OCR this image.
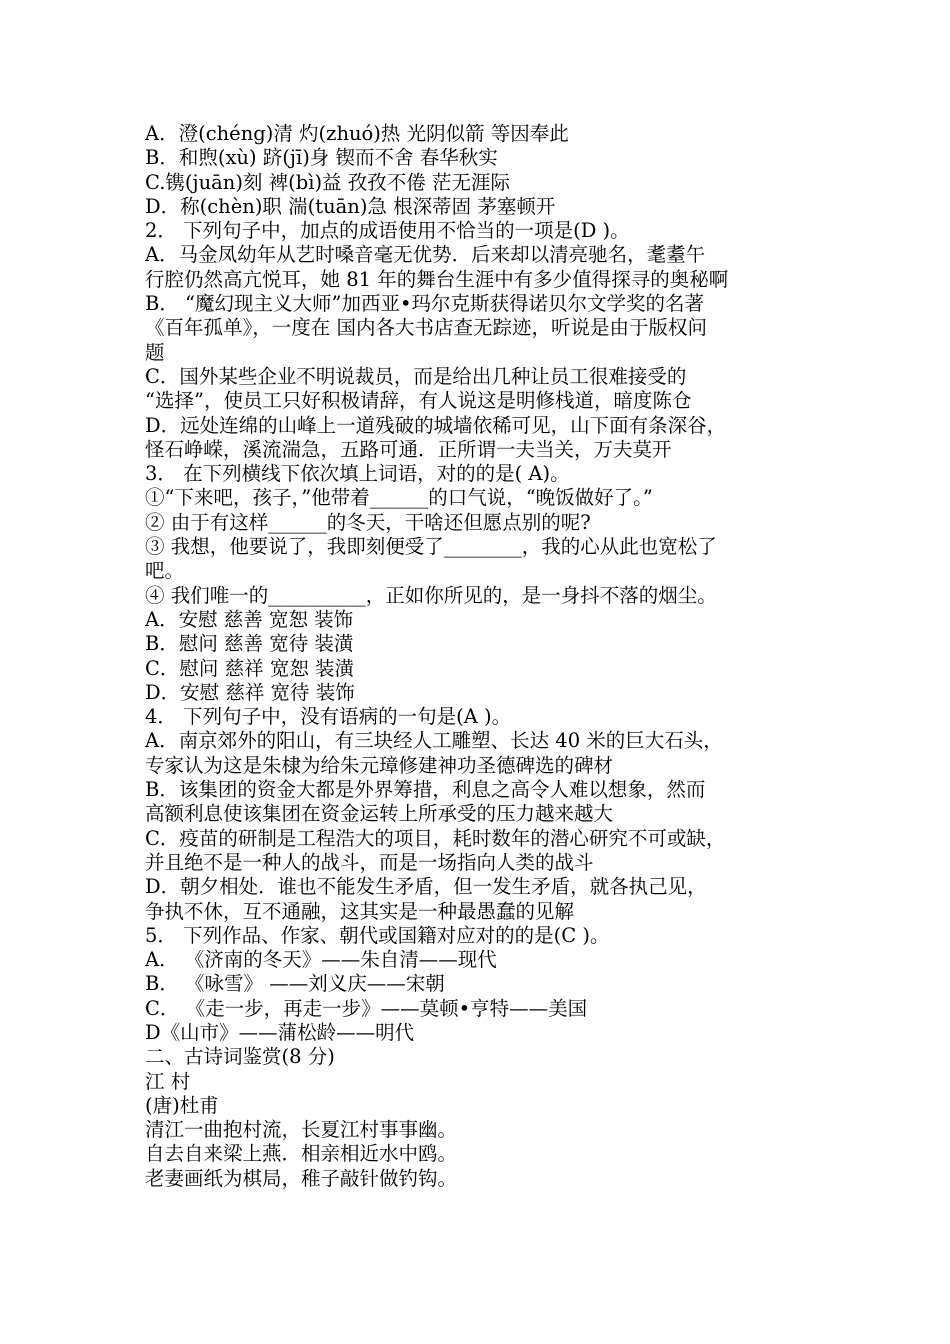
A．澄(chéng)清 灼(zhuó)热 光阴似箭 等因奉此

B．和煦(xù) 跻(jī)身 锲而不舍 春华秋实

C.镌(juān)刻 裨(bì)益 孜孜不倦 茫无涯际

D．称(chèn)职 湍(tuān)急 根深蒂固 茅塞顿开

2． 下列句子中，加点的成语使用不恰当的一项是(D )。

A．马金凤幼年从艺时嗓音毫无优势．后来却以清亮驰名，耄耋午

行腔仍然高亢悦耳，她 81 年的舞台生涯中有多少值得探寻的奥秘啊

B． “魔幻现主义大师”加西亚•玛尔克斯获得诺贝尔文学奖的名著

《百年孤单》，一度在 国内各大书店查无踪迹，听说是由于版权问

题

C．国外某些企业不明说裁员，而是给出几种让员工很难接受的

“选择”，使员工只好积极请辞，有人说这是明修栈道，暗度陈仓

D．远处连绵的山峰上一道残破的城墙依稀可见，山下面有条深谷，

怪石峥嵘，溪流湍急，五路可通．正所谓一夫当关，万夫莫开

3． 在下列横线下依次填上词语，对的的是( A)。

①“下来吧，孩子，”他带着______的口气说，“晚饭做好了。”

② 由于有这样______的冬天，干啥还但愿点别的呢?

③ 我想，他要说了，我即刻便受了________，我的心从此也宽松了

吧。

④ 我们唯一的__________，正如你所见的，是一身抖不落的烟尘。

A．安慰 慈善 宽恕 装饰

B．慰问 慈善 宽待 装潢

C．慰问 慈祥 宽恕 装潢

D．安慰 慈祥 宽待 装饰

4． 下列句子中，没有语病的一句是(A )。

A．南京郊外的阳山，有三块经人工雕塑、长达 40 米的巨大石头，

专家认为这是朱棣为给朱元璋修建神功圣德碑选的碑材

B．该集团的资金大都是外界筹措，利息之高令人难以想象，然而

高额利息使该集团在资金运转上所承受的压力越来越大

C．疫苗的研制是工程浩大的项目，耗时数年的潜心研究不可或缺，

并且绝不是一种人的战斗，而是一场指向人类的战斗

D．朝夕相处．谁也不能发生矛盾，但一发生矛盾，就各执己见，

争执不休，互不通融，这其实是一种最愚蠢的见解

5． 下列作品、作家、朝代或国籍对应对的的是(C )。

A． 《济南的冬天》——朱自清——现代

B． 《咏雪》 ——刘义庆——宋朝

C． 《走一步，再走一步》——莫顿•亨特——美国

D《山市》——蒲松龄——明代

二、古诗词鉴赏(8 分)

江 村

(唐)杜甫

清江一曲抱村流，长夏江村事事幽。

自去自来梁上燕．相亲相近水中鸥。

老妻画纸为棋局，稚子敲针做钓钩。
